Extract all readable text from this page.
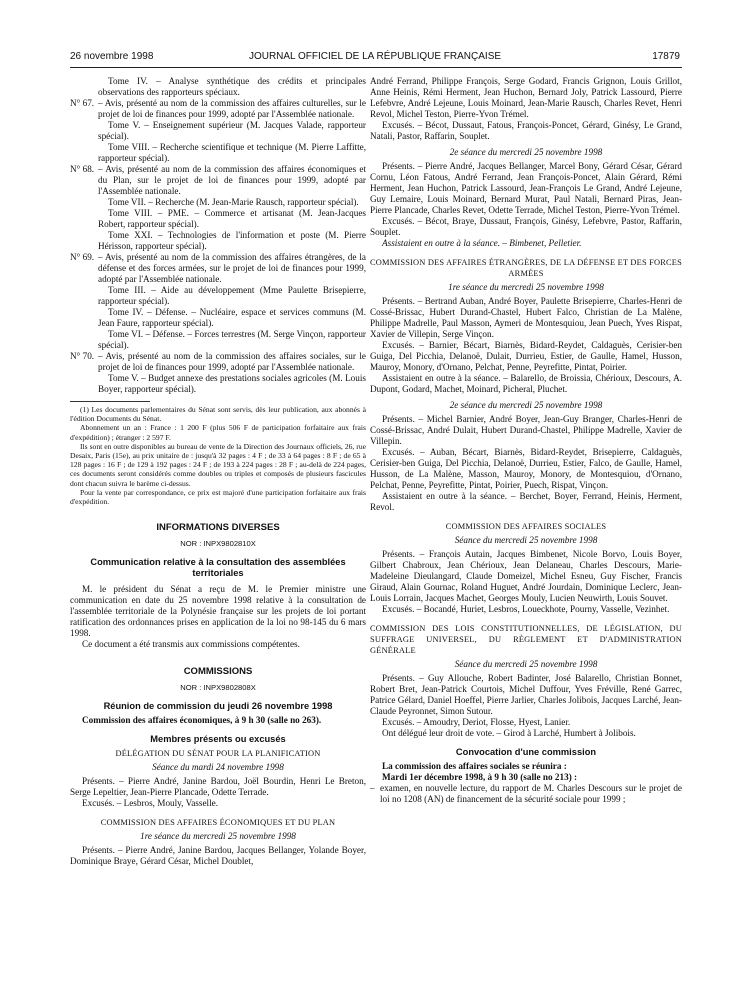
26 novembre 1998	JOURNAL OFFICIEL DE LA RÉPUBLIQUE FRANÇAISE	17879

Tome IV. – Analyse synthétique des crédits et principales observations des rapporteurs spéciaux.

N° 67. – Avis, présenté au nom de la commission des affaires culturelles, sur le projet de loi de finances pour 1999, adopté par l'Assemblée nationale.

Tome V. – Enseignement supérieur (M. Jacques Valade, rapporteur spécial).

Tome VIII. – Recherche scientifique et technique (M. Pierre Laffitte, rapporteur spécial).

N° 68. – Avis, présenté au nom de la commission des affaires économiques et du Plan, sur le projet de loi de finances pour 1999, adopté par l'Assemblée nationale.

Tome VII. – Recherche (M. Jean-Marie Rausch, rapporteur spécial).

Tome VIII. – PME. – Commerce et artisanat (M. Jean-Jacques Robert, rapporteur spécial).

Tome XXI. – Technologies de l'information et poste (M. Pierre Hérisson, rapporteur spécial).

N° 69. – Avis, présenté au nom de la commission des affaires étrangères, de la défense et des forces armées, sur le projet de loi de finances pour 1999, adopté par l'Assemblée nationale.

Tome III. – Aide au développement (Mme Paulette Brisepierre, rapporteur spécial).

Tome IV. – Défense. – Nucléaire, espace et services communs (M. Jean Faure, rapporteur spécial).

Tome VI. – Défense. – Forces terrestres (M. Serge Vinçon, rapporteur spécial).

N° 70. – Avis, présenté au nom de la commission des affaires sociales, sur le projet de loi de finances pour 1999, adopté par l'Assemblée nationale.

Tome V. – Budget annexe des prestations sociales agricoles (M. Louis Boyer, rapporteur spécial).

(1) Les documents parlementaires du Sénat sont servis, dès leur publication, aux abonnés à l'édition Documents du Sénat.

Abonnement un an : France : 1 200 F (plus 506 F de participation forfaitaire aux frais d'expédition) ; étranger : 2 597 F.

Ils sont en outre disponibles au bureau de vente de la Direction des Journaux officiels, 26, rue Desaix, Paris (15e), au prix unitaire de : jusqu'à 32 pages : 4 F ; de 33 à 64 pages : 8 F ; de 65 à 128 pages : 16 F ; de 129 à 192 pages : 24 F ; de 193 à 224 pages : 28 F ; au-delà de 224 pages, ces documents seront considérés comme doubles ou triples et composés de plusieurs fascicules dont chacun suivra le barème ci-dessus.

Pour la vente par correspondance, ce prix est majoré d'une participation forfaitaire aux frais d'expédition.

INFORMATIONS DIVERSES

NOR : INPX9802810X

Communication relative à la consultation des assemblées territoriales

M. le président du Sénat a reçu de M. le Premier ministre une communication en date du 25 novembre 1998 relative à la consultation de l'assemblée territoriale de la Polynésie française sur les projets de loi portant ratification des ordonnances prises en application de la loi no 98-145 du 6 mars 1998.

Ce document a été transmis aux commissions compétentes.

COMMISSIONS

NOR : INPX9802808X

Réunion de commission du jeudi 26 novembre 1998

Commission des affaires économiques, à 9 h 30 (salle no 263).

Membres présents ou excusés

DÉLÉGATION DU SÉNAT POUR LA PLANIFICATION

Séance du mardi 24 novembre 1998

Présents. – Pierre André, Janine Bardou, Joël Bourdin, Henri Le Breton, Serge Lepeltier, Jean-Pierre Plancade, Odette Terrade.

Excusés. – Lesbros, Mouly, Vasselle.

COMMISSION DES AFFAIRES ÉCONOMIQUES ET DU PLAN

1re séance du mercredi 25 novembre 1998

Présents. – Pierre André, Janine Bardou, Jacques Bellanger, Yolande Boyer, Dominique Braye, Gérard César, Michel Doublet,

André Ferrand, Philippe François, Serge Godard, Francis Grignon, Louis Grillot, Anne Heinis, Rémi Herment, Jean Huchon, Bernard Joly, Patrick Lassourd, Pierre Lefebvre, André Lejeune, Louis Moinard, Jean-Marie Rausch, Charles Revet, Henri Revol, Michel Teston, Pierre-Yvon Trémel.

Excusés. – Bécot, Dussaut, Fatous, François-Poncet, Gérard, Ginésy, Le Grand, Natali, Pastor, Raffarin, Souplet.

2e séance du mercredi 25 novembre 1998

Présents. – Pierre André, Jacques Bellanger, Marcel Bony, Gérard César, Gérard Cornu, Léon Fatous, André Ferrand, Jean François-Poncet, Alain Gérard, Rémi Herment, Jean Huchon, Patrick Lassourd, Jean-François Le Grand, André Lejeune, Guy Lemaire, Louis Moinard, Bernard Murat, Paul Natali, Bernard Piras, Jean-Pierre Plancade, Charles Revet, Odette Terrade, Michel Teston, Pierre-Yvon Trémel.

Excusés. – Bécot, Braye, Dussaut, François, Ginésy, Lefebvre, Pastor, Raffarin, Souplet.

Assistaient en outre à la séance. – Bimbenet, Pelletier.

COMMISSION DES AFFAIRES ÉTRANGÈRES, DE LA DÉFENSE ET DES FORCES ARMÉES

1re séance du mercredi 25 novembre 1998

Présents. – Bertrand Auban, André Boyer, Paulette Brisepierre, Charles-Henri de Cossé-Brissac, Hubert Durand-Chastel, Hubert Falco, Christian de La Malène, Philippe Madrelle, Paul Masson, Aymeri de Montesquiou, Jean Puech, Yves Rispat, Xavier de Villepin, Serge Vinçon.

Excusés. – Barnier, Bécart, Biarnès, Bidard-Reydet, Caldaguès, Cerisier-ben Guiga, Del Picchia, Delanoë, Dulait, Durrieu, Estier, de Gaulle, Hamel, Husson, Mauroy, Monory, d'Ornano, Pelchat, Penne, Peyrefitte, Pintat, Poirier.

Assistaient en outre à la séance. – Balarello, de Broissia, Chérioux, Descours, A. Dupont, Godard, Machet, Moinard, Picheral, Pluchet.

2e séance du mercredi 25 novembre 1998

Présents. – Michel Barnier, André Boyer, Jean-Guy Branger, Charles-Henri de Cossé-Brissac, André Dulait, Hubert Durand-Chastel, Philippe Madrelle, Xavier de Villepin.

Excusés. – Auban, Bécart, Biarnès, Bidard-Reydet, Brisepierre, Caldaguès, Cerisier-ben Guiga, Del Picchia, Delanoë, Durrieu, Estier, Falco, de Gaulle, Hamel, Husson, de La Malène, Masson, Mauroy, Monory, de Montesquiou, d'Ornano, Pelchat, Penne, Peyrefitte, Pintat, Poirier, Puech, Rispat, Vinçon.

Assistaient en outre à la séance. – Berchet, Boyer, Ferrand, Heinis, Herment, Revol.

COMMISSION DES AFFAIRES SOCIALES

Séance du mercredi 25 novembre 1998

Présents. – François Autain, Jacques Bimbenet, Nicole Borvo, Louis Boyer, Gilbert Chabroux, Jean Chérioux, Jean Delaneau, Charles Descours, Marie-Madeleine Dieulangard, Claude Domeizel, Michel Esneu, Guy Fischer, Francis Giraud, Alain Gournac, Roland Huguet, André Jourdain, Dominique Leclerc, Jean-Louis Lorrain, Jacques Machet, Georges Mouly, Lucien Neuwirth, Louis Souvet.

Excusés. – Bocandé, Huriet, Lesbros, Loueckhote, Pourny, Vasselle, Vezinhet.

COMMISSION DES LOIS CONSTITUTIONNELLES, DE LÉGISLATION, DU SUFFRAGE UNIVERSEL, DU RÈGLEMENT ET D'ADMINISTRATION GÉNÉRALE

Séance du mercredi 25 novembre 1998

Présents. – Guy Allouche, Robert Badinter, José Balarello, Christian Bonnet, Robert Bret, Jean-Patrick Courtois, Michel Duffour, Yves Fréville, René Garrec, Patrice Gélard, Daniel Hoeffel, Pierre Jarlier, Charles Jolibois, Jacques Larché, Jean-Claude Peyronnet, Simon Sutour.

Excusés. – Amoudry, Deriot, Flosse, Hyest, Lanier.

Ont délégué leur droit de vote. – Girod à Larché, Humbert à Jolibois.

Convocation d'une commission

La commission des affaires sociales se réunira :

Mardi 1er décembre 1998, à 9 h 30 (salle no 213) :

– examen, en nouvelle lecture, du rapport de M. Charles Descours sur le projet de loi no 1208 (AN) de financement de la sécurité sociale pour 1999 ;
